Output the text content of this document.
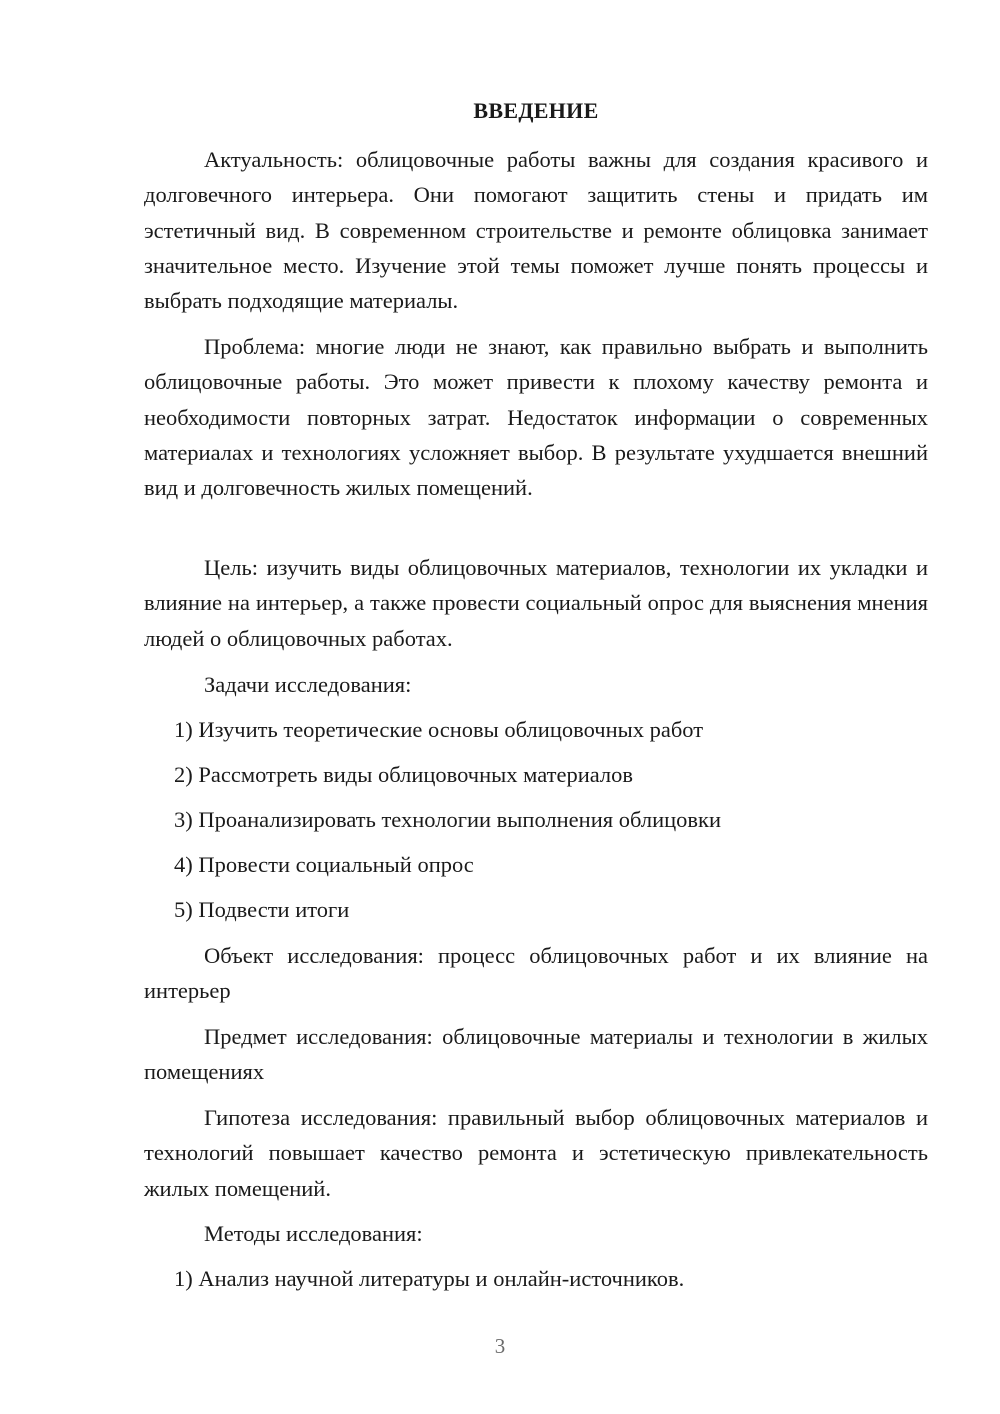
ВВЕДЕНИЕ

Актуальность: облицовочные работы важны для создания красивого и долговечного интерьера. Они помогают защитить стены и придать им эстетичный вид. В современном строительстве и ремонте облицовка занимает значительное место. Изучение этой темы поможет лучше понять процессы и выбрать подходящие материалы.

Проблема: многие люди не знают, как правильно выбрать и выполнить облицовочные работы. Это может привести к плохому качеству ремонта и необходимости повторных затрат. Недостаток информации о современных материалах и технологиях усложняет выбор. В результате ухудшается внешний вид и долговечность жилых помещений.

Цель: изучить виды облицовочных материалов, технологии их укладки и влияние на интерьер, а также провести социальный опрос для выяснения мнения людей о облицовочных работах.

Задачи исследования:

1) Изучить теоретические основы облицовочных работ

2) Рассмотреть виды облицовочных материалов

3) Проанализировать технологии выполнения облицовки

4) Провести социальный опрос

5) Подвести итоги

Объект исследования: процесс облицовочных работ и их влияние на интерьер

Предмет исследования: облицовочные материалы и технологии в жилых помещениях

Гипотеза исследования: правильный выбор облицовочных материалов и технологий повышает качество ремонта и эстетическую привлекательность жилых помещений.

Методы исследования:

1) Анализ научной литературы и онлайн-источников.

3
